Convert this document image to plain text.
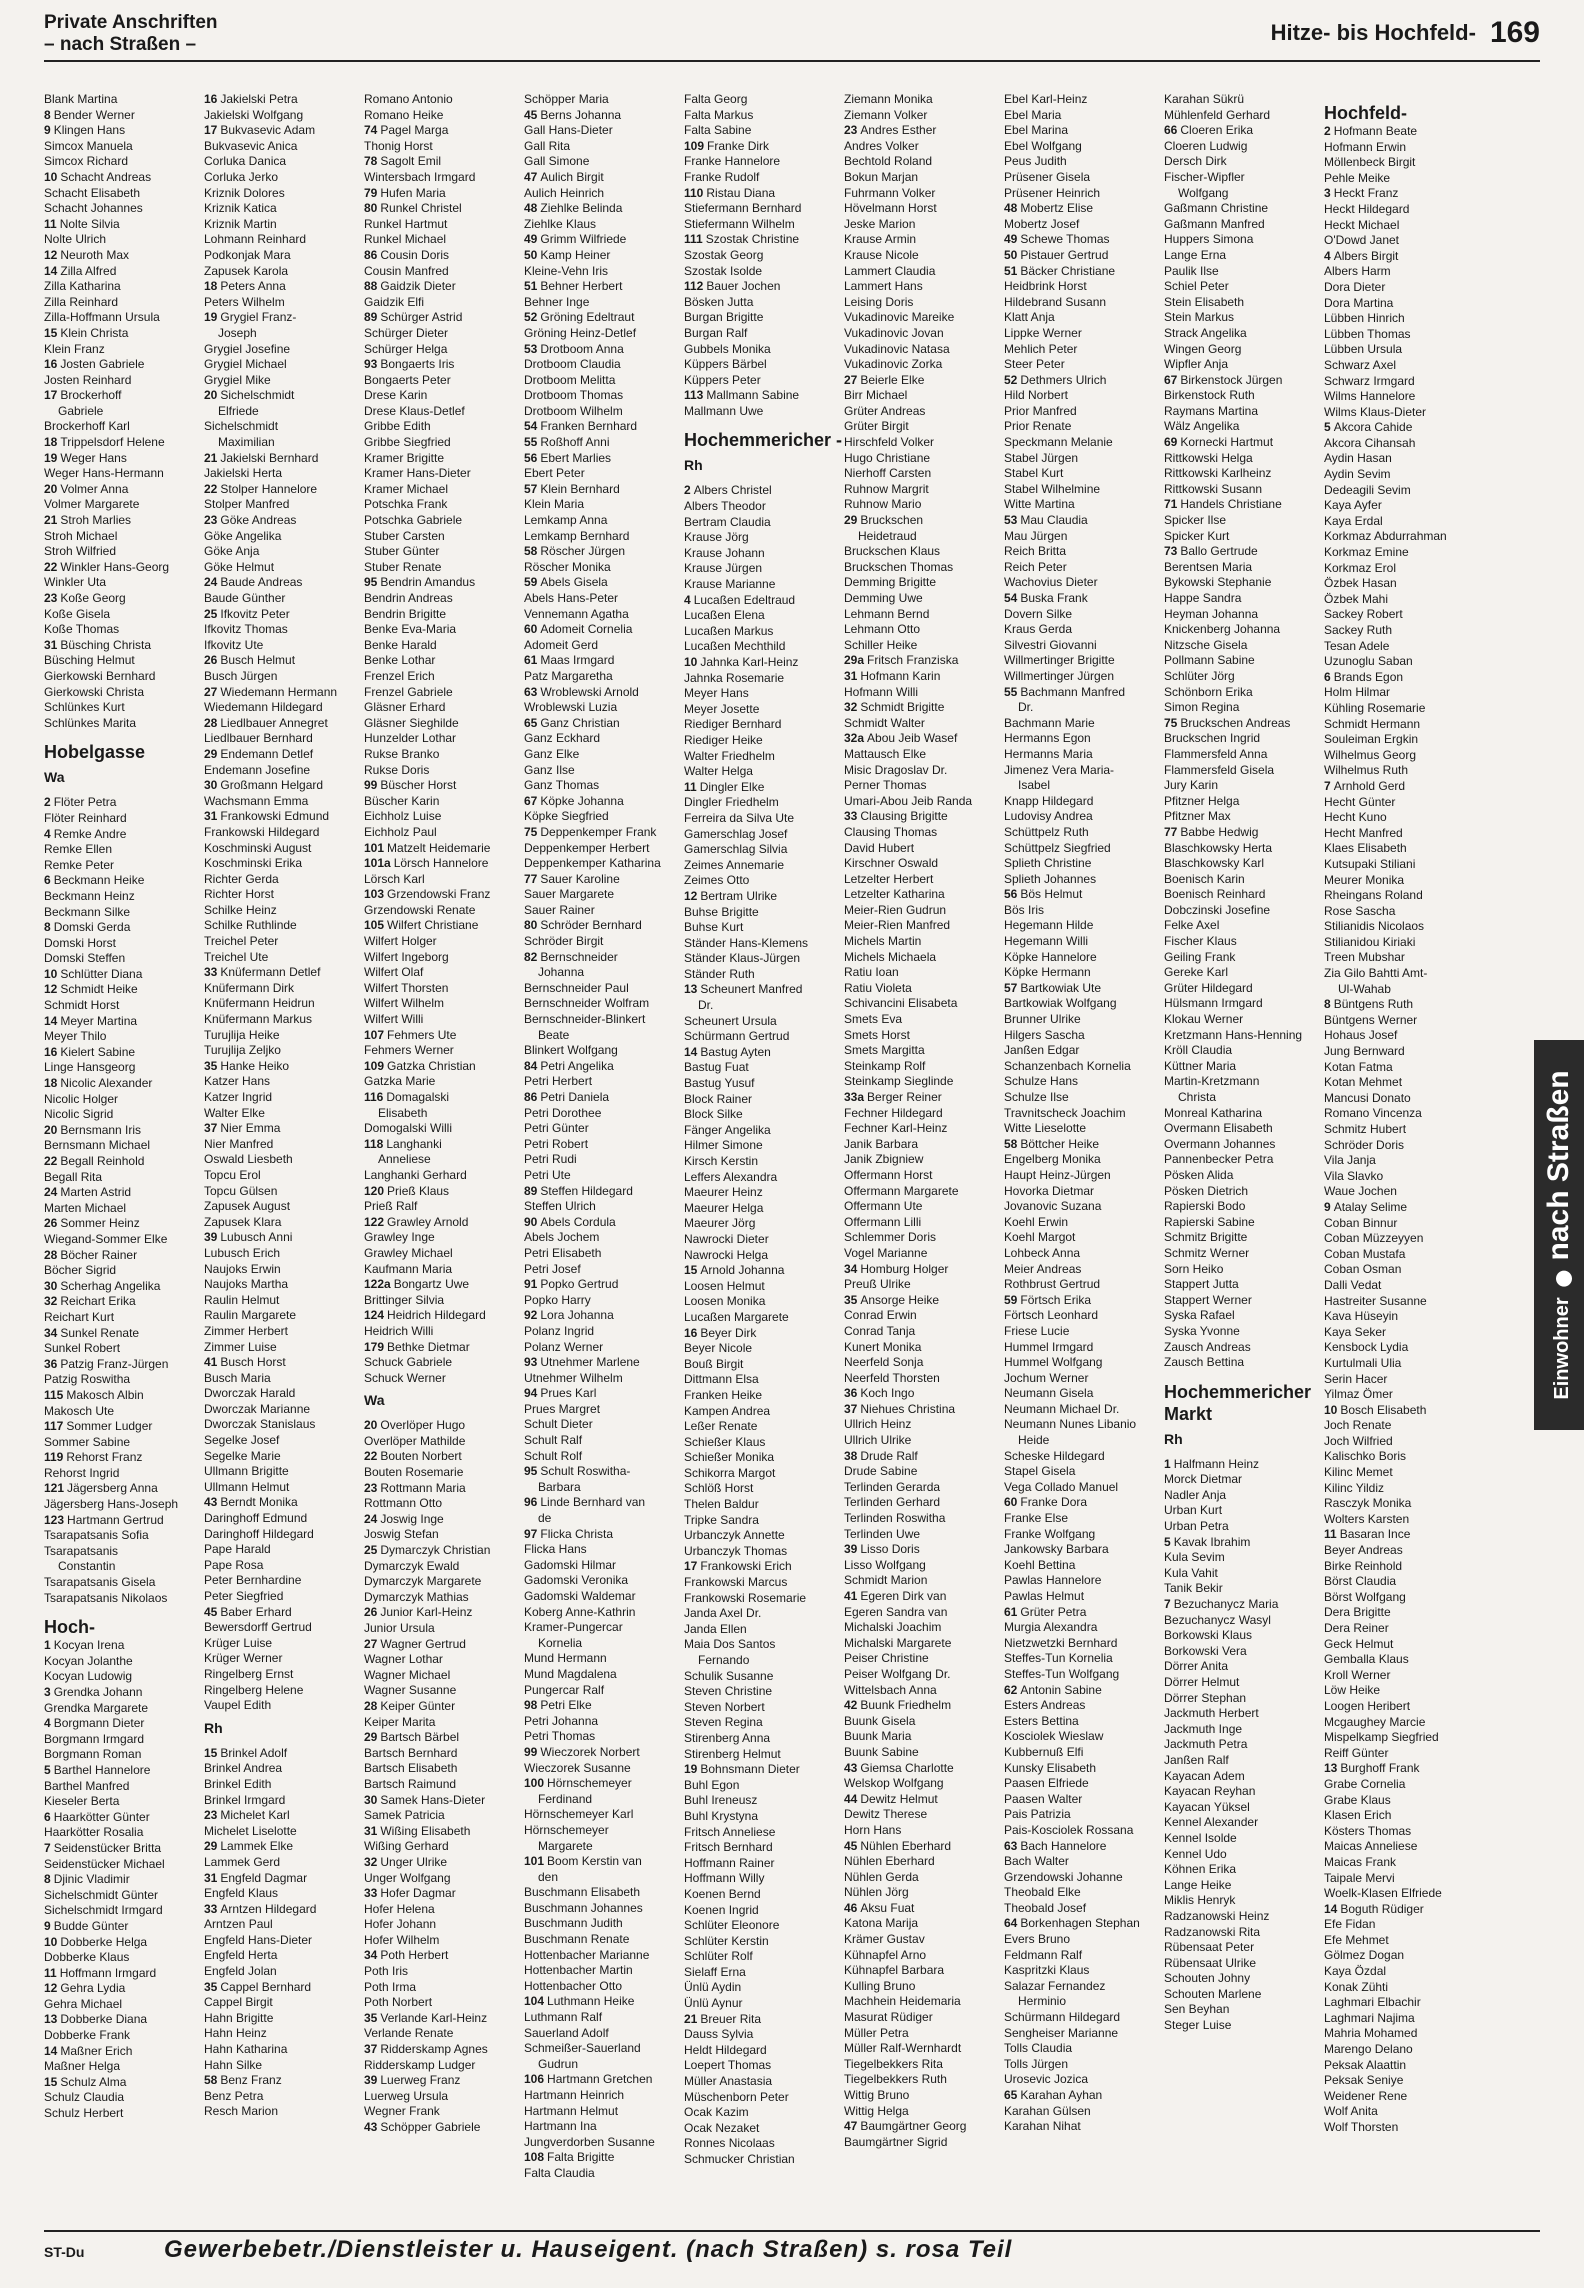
Private Anschriften
– nach Straßen –	Hitze- bis Hochfeld- 169
Blank Martina
8 Bender Werner
9 Klingen Hans
Simcox Manuela
Simcox Richard
10 Schacht Andreas
Schacht Elisabeth
Schacht Johannes
11 Nolte Silvia
Nolte Ulrich
12 Neuroth Max
14 Zilla Alfred
Zilla Katharina
Zilla Reinhard
Zilla-Hoffmann Ursula
15 Klein Christa
Klein Franz
16 Josten Gabriele
Josten Reinhard
17 Brockerhoff
Gabriele
Brockerhoff Karl
18 Trippelsdorf Helene
19 Weger Hans
Weger Hans-Hermann
20 Volmer Anna
Volmer Margarete
21 Stroh Marlies
Stroh Michael
Stroh Wilfried
22 Winkler Hans-Georg
Winkler Uta
23 Koße Georg
Koße Gisela
Koße Thomas
31 Büsching Christa
Büsching Helmut
Gierkowski Bernhard
Gierkowski Christa
Schlünkes Kurt
Schlünkes Marita
Hobelgasse
Wa
2 Flöter Petra
Flöter Reinhard
4 Remke Andre
Remke Ellen
Remke Peter
6 Beckmann Heike
Beckmann Heinz
Beckmann Silke
8 Domski Gerda
Domski Horst
Domski Steffen
10 Schlütter Diana
12 Schmidt Heike
Schmidt Horst
14 Meyer Martina
Meyer Thilo
16 Kielert Sabine
Linge Hansgeorg
18 Nicolic Alexander
Nicolic Holger
Nicolic Sigrid
20 Bernsmann Iris
Bernsmann Michael
22 Begall Reinhold
Begall Rita
24 Marten Astrid
Marten Michael
26 Sommer Heinz
Wiegand-Sommer Elke
28 Böcher Rainer
Böcher Sigrid
30 Scherhag Angelika
32 Reichart Erika
Reichart Kurt
34 Sunkel Renate
Sunkel Robert
36 Patzig Franz-Jürgen
Patzig Roswitha
115 Makosch Albin
Makosch Ute
117 Sommer Ludger
Sommer Sabine
119 Rehorst Franz
Rehorst Ingrid
121 Jägersberg Anna
Jägersberg Hans-Joseph
123 Hartmann Gertrud
Tsarapatsanis Sofia
Tsarapatsanis
Constantin
Tsarapatsanis Gisela
Tsarapatsanis Nikolaos
Hoch-
1 Kocyan Irena
Kocyan Jolanthe
Kocyan Ludowig
3 Grendka Johann
Grendka Margarete
4 Borgmann Dieter
Borgmann Irmgard
Borgmann Roman
5 Barthel Hannelore
Barthel Manfred
Kieseler Berta
6 Haarkötter Günter
Haarkötter Rosalia
7 Seidenstücker Britta
Seidenstücker Michael
8 Djinic Vladimir
Sichelschmidt Günter
Sichelschmidt Irmgard
9 Budde Günter
10 Dobberke Helga
Dobberke Klaus
11 Hoffmann Irmgard
12 Gehra Lydia
Gehra Michael
13 Dobberke Diana
Dobberke Frank
14 Maßner Erich
Maßner Helga
15 Schulz Alma
Schulz Claudia
Schulz Herbert
16 Jakielski Petra
Jakielski Wolfgang
17 Bukvasevic Adam
Bukvasevic Anica
Corluka Danica
Corluka Jerko
Kriznik Dolores
Kriznik Katica
Kriznik Martin
Lohmann Reinhard
Podkonjak Mara
Zapusek Karola
18 Peters Anna
Peters Wilhelm
19 Grygiel Franz-
Joseph
Grygiel Josefine
Grygiel Michael
Grygiel Mike
20 Sichelschmidt
Elfriede
Sichelschmidt
Maximilian
21 Jakielski Bernhard
Jakielski Herta
22 Stolper Hannelore
Stolper Manfred
23 Göke Andreas
Göke Angelika
Göke Anja
Göke Helmut
24 Baude Andreas
Baude Günther
25 Ifkovitz Peter
Ifkovitz Thomas
Ifkovitz Ute
26 Busch Helmut
Busch Jürgen
27 Wiedemann Hermann
Wiedemann Hildegard
28 Liedlbauer Annegret
Liedlbauer Bernhard
29 Endemann Detlef
Endemann Josefine
30 Großmann Helgard
Wachsmann Emma
31 Frankowski Edmund
Frankowski Hildegard
Koschminski August
Koschminski Erika
Richter Gerda
Richter Horst
Schilke Heinz
Schilke Ruthlinde
Treichel Peter
Treichel Ute
33 Knüfermann Detlef
Knüfermann Dirk
Knüfermann Heidrun
Knüfermann Markus
Turujlija Heike
Turujlija Zeljko
35 Hanke Heiko
Katzer Hans
Katzer Ingrid
Walter Elke
37 Nier Emma
Nier Manfred
Oswald Liesbeth
Topcu Erol
Topcu Gülsen
Zapusek August
Zapusek Klara
39 Lubusch Anni
Lubusch Erich
Naujoks Erwin
Naujoks Martha
Raulin Helmut
Raulin Margarete
Zimmer Herbert
Zimmer Luise
41 Busch Horst
Busch Maria
Dworczak Harald
Dworczak Marianne
Dworczak Stanislaus
Segelke Josef
Segelke Marie
Ullmann Brigitte
Ullmann Helmut
43 Berndt Monika
Daringhoff Edmund
Daringhoff Hildegard
Pape Harald
Pape Rosa
Peter Bernhardine
Peter Siegfried
45 Baber Erhard
Bewersdorff Gertrud
Krüger Luise
Krüger Werner
Ringelberg Ernst
Ringelberg Helene
Vaupel Edith
Rh
15 Brinkel Adolf
Brinkel Andrea
Brinkel Edith
Brinkel Irmgard
23 Michelet Karl
Michelet Liselotte
29 Lammek Elke
Lammek Gerd
31 Engfeld Dagmar
Engfeld Klaus
33 Arntzen Hildegard
Arntzen Paul
Engfeld Hans-Dieter
Engfeld Herta
Engfeld Jolan
35 Cappel Bernhard
Cappel Birgit
Hahn Brigitte
Hahn Heinz
Hahn Katharina
Hahn Silke
58 Benz Franz
Benz Petra
Resch Marion
Romano Antonio
Romano Heike
74 Pagel Marga
Thonig Horst
78 Sagolt Emil
Wintersbach Irmgard
79 Hufen Maria
80 Runkel Christel
Runkel Hartmut
Runkel Michael
86 Cousin Doris
Cousin Manfred
88 Gaidzik Dieter
Gaidzik Elfi
89 Schürger Astrid
Schürger Dieter
Schürger Helga
93 Bongaerts Iris
Bongaerts Peter
Drese Karin
Drese Klaus-Detlef
Gribbe Edith
Gribbe Siegfried
Kramer Brigitte
Kramer Hans-Dieter
Kramer Michael
Potschka Frank
Potschka Gabriele
Stuber Carsten
Stuber Günter
Stuber Renate
95 Bendrin Amandus
Bendrin Andreas
Bendrin Brigitte
Benke Eva-Maria
Benke Harald
Benke Lothar
Frenzel Erich
Frenzel Gabriele
Gläsner Erhard
Gläsner Sieghilde
Hunzelder Lothar
Rukse Branko
Rukse Doris
99 Büscher Horst
Büscher Karin
Eichholz Luise
Eichholz Paul
101 Matzelt Heidemarie
101a Lörsch Hannelore
Lörsch Karl
103 Grzendowski Franz
Grzendowski Renate
105 Wilfert Christiane
Wilfert Holger
Wilfert Ingeborg
Wilfert Olaf
Wilfert Thorsten
Wilfert Wilhelm
Wilfert Willi
107 Fehmers Ute
Fehmers Werner
109 Gatzka Christian
Gatzka Marie
116 Domagalski
Elisabeth
Domogalski Willi
118 Langhanki
Anneliese
Langhanki Gerhard
120 Prieß Klaus
Prieß Ralf
122 Grawley Arnold
Grawley Inge
Grawley Michael
Kaufmann Maria
122a Bongartz Uwe
Brittinger Silvia
124 Heidrich Hildegard
Heidrich Willi
179 Bethke Dietmar
Schuck Gabriele
Schuck Werner
Wa
20 Overlöper Hugo
Overlöper Mathilde
22 Bouten Norbert
Bouten Rosemarie
23 Rottmann Maria
Rottmann Otto
24 Joswig Inge
Joswig Stefan
25 Dymarczyk Christian
Dymarczyk Ewald
Dymarczyk Margarete
Dymarczyk Mathias
26 Junior Karl-Heinz
Junior Ursula
27 Wagner Gertrud
Wagner Lothar
Wagner Michael
Wagner Susanne
28 Keiper Günter
Keiper Marita
29 Bartsch Bärbel
Bartsch Bernhard
Bartsch Elisabeth
Bartsch Raimund
30 Samek Hans-Dieter
Samek Patricia
31 Wißing Elisabeth
Wißing Gerhard
32 Unger Ulrike
Unger Wolfgang
33 Hofer Dagmar
Hofer Helena
Hofer Johann
Hofer Wilhelm
34 Poth Herbert
Poth Iris
Poth Irma
Poth Norbert
35 Verlande Karl-Heinz
Verlande Renate
37 Ridderskamp Agnes
Ridderskamp Ludger
39 Luerweg Franz
Luerweg Ursula
Wegner Frank
43 Schöpper Gabriele
Schöpper Maria
45 Berns Johanna
Gall Hans-Dieter
Gall Rita
Gall Simone
47 Aulich Birgit
Aulich Heinrich
48 Ziehlke Belinda
Ziehlke Klaus
49 Grimm Wilfriede
50 Kamp Heiner
Kleine-Vehn Iris
51 Behner Herbert
Behner Inge
52 Gröning Edeltraut
Gröning Heinz-Detlef
53 Drotboom Anna
Drotboom Claudia
Drotboom Melitta
Drotboom Thomas
Drotboom Wilhelm
54 Franken Bernhard
55 Roßhoff Anni
56 Ebert Marlies
Ebert Peter
57 Klein Bernhard
Klein Maria
Lemkamp Anna
Lemkamp Bernhard
58 Röscher Jürgen
Röscher Monika
59 Abels Gisela
Abels Hans-Peter
Vennemann Agatha
60 Adomeit Cornelia
Adomeit Gerd
61 Maas Irmgard
Patz Margaretha
63 Wroblewski Arnold
Wroblewski Luzia
65 Ganz Christian
Ganz Eckhard
Ganz Elke
Ganz Ilse
Ganz Thomas
67 Köpke Johanna
Köpke Siegfried
75 Deppenkemper Frank
Deppenkemper Herbert
Deppenkemper Katharina
77 Sauer Karoline
Sauer Margarete
Sauer Rainer
80 Schröder Bernhard
Schröder Birgit
82 Bernschneider
Johanna
Bernschneider Paul
Bernschneider Wolfram
Bernschneider-Blinkert
Beate
Blinkert Wolfgang
84 Petri Angelika
Petri Herbert
86 Petri Daniela
Petri Dorothee
Petri Günter
Petri Robert
Petri Rudi
Petri Ute
89 Steffen Hildegard
Steffen Ulrich
90 Abels Cordula
Abels Jochem
Petri Elisabeth
Petri Josef
91 Popko Gertrud
Popko Harry
92 Lora Johanna
Polanz Ingrid
Polanz Werner
93 Utnehmer Marlene
Utnehmer Wilhelm
94 Prues Karl
Prues Margret
Schult Dieter
Schult Ralf
Schult Rolf
95 Schult Roswitha-
Barbara
96 Linde Bernhard van
de
97 Flicka Christa
Flicka Hans
Gadomski Hilmar
Gadomski Veronika
Gadomski Waldemar
Koberg Anne-Kathrin
Kramer-Pungercar
Kornelia
Mund Hermann
Mund Magdalena
Pungercar Ralf
98 Petri Elke
Petri Johanna
Petri Thomas
99 Wieczorek Norbert
Wieczorek Susanne
100 Hörnschemeyer
Ferdinand
Hörnschemeyer Karl
Hörnschemeyer
Margarete
101 Boom Kerstin van
den
Buschmann Elisabeth
Buschmann Johannes
Buschmann Judith
Buschmann Renate
Hottenbacher Marianne
Hottenbacher Martin
Hottenbacher Otto
104 Luthmann Heike
Luthmann Ralf
Sauerland Adolf
Schmeißer-Sauerland
Gudrun
106 Hartmann Gretchen
Hartmann Heinrich
Hartmann Helmut
Hartmann Ina
Jungverdorben Susanne
108 Falta Brigitte
Falta Claudia
Falta Georg
Falta Markus
Falta Sabine
109 Franke Dirk
Franke Hannelore
Franke Rudolf
110 Ristau Diana
Stiefermann Bernhard
Stiefermann Wilhelm
111 Szostak Christine
Szostak Georg
Szostak Isolde
112 Bauer Jochen
Bösken Jutta
Burgan Brigitte
Burgan Ralf
Gubbels Monika
Küppers Bärbel
Küppers Peter
113 Mallmann Sabine
Mallmann Uwe
Hochemmericher -
Rh
2 Albers Christel
Albers Theodor
Bertram Claudia
Krause Jörg
Krause Johann
Krause Jürgen
Krause Marianne
4 Lucaßen Edeltraud
Lucaßen Elena
Lucaßen Markus
Lucaßen Mechthild
10 Jahnka Karl-Heinz
Jahnka Rosemarie
Meyer Hans
Meyer Josette
Riediger Bernhard
Riediger Heike
Walter Friedhelm
Walter Helga
11 Dingler Elke
Dingler Friedhelm
Ferreira da Silva Ute
Gamerschlag Josef
Gamerschlag Silvia
Zeimes Annemarie
Zeimes Otto
12 Bertram Ulrike
Buhse Brigitte
Buhse Kurt
Ständer Hans-Klemens
Ständer Klaus-Jürgen
Ständer Ruth
13 Scheunert Manfred
Dr.
Scheunert Ursula
Schürmann Gertrud
14 Bastug Ayten
Bastug Fuat
Bastug Yusuf
Block Rainer
Block Silke
Fänger Angelika
Hilmer Simone
Kirsch Kerstin
Leffers Alexandra
Maeurer Heinz
Maeurer Helga
Maeurer Jörg
Nawrocki Dieter
Nawrocki Helga
15 Arnold Johanna
Loosen Helmut
Loosen Monika
Lucaßen Margarete
16 Beyer Dirk
Beyer Nicole
Bouß Birgit
Dittmann Elsa
Franken Heike
Kampen Andrea
Leßer Renate
Schießer Klaus
Schießer Monika
Schikorra Margot
Schlöß Horst
Thelen Baldur
Tripke Sandra
Urbanczyk Annette
Urbanczyk Thomas
17 Frankowski Erich
Frankowski Marcus
Frankowski Rosemarie
Janda Axel Dr.
Janda Ellen
Maia Dos Santos
Fernando
Schulik Susanne
Steven Christine
Steven Norbert
Steven Regina
Stirenberg Anna
Stirenberg Helmut
19 Bohnsmann Dieter
Buhl Egon
Buhl Ireneusz
Buhl Krystyna
Fritsch Anneliese
Fritsch Bernhard
Hoffmann Rainer
Hoffmann Willy
Koenen Bernd
Koenen Ingrid
Schlüter Eleonore
Schlüter Kerstin
Schlüter Rolf
Sielaff Erna
Ünlü Aydin
Ünlü Aynur
21 Breuer Rita
Dauss Sylvia
Heldt Hildegard
Loepert Thomas
Müller Anastasia
Müschenborn Peter
Ocak Kazim
Ocak Nezaket
Ronnes Nicolaas
Schmucker Christian
Ziemann Monika
Ziemann Volker
23 Andres Esther
Andres Volker
Bechtold Roland
Bokun Marjan
Fuhrmann Volker
Hövelmann Horst
Jeske Marion
Krause Armin
Krause Nicole
Lammert Claudia
Lammert Hans
Leising Doris
Vukadinovic Mareike
Vukadinovic Jovan
Vukadinovic Natasa
Vukadinovic Zorka
27 Beierle Elke
Birr Michael
Grüter Andreas
Grüter Birgit
Hirschfeld Volker
Hugo Christiane
Nierhoff Carsten
Ruhnow Margrit
Ruhnow Mario
29 Bruckschen
Heidetraud
Bruckschen Klaus
Bruckschen Thomas
Demming Brigitte
Demming Uwe
Lehmann Bernd
Lehmann Otto
Schiller Heike
29a Fritsch Franziska
31 Hofmann Karin
Hofmann Willi
32 Schmidt Brigitte
Schmidt Walter
32a Abou Jeib Wasef
Mattausch Elke
Misic Dragoslav Dr.
Perner Thomas
Umari-Abou Jeib Randa
33 Clausing Brigitte
Clausing Thomas
David Hubert
Kirschner Oswald
Letzelter Herbert
Letzelter Katharina
Meier-Rien Gudrun
Meier-Rien Manfred
Michels Martin
Michels Michaela
Ratiu Ioan
Ratiu Violeta
Schivancini Elisabeta
Smets Eva
Smets Horst
Smets Margitta
Steinkamp Rolf
Steinkamp Sieglinde
33a Berger Reiner
Fechner Hildegard
Fechner Karl-Heinz
Janik Barbara
Janik Zbigniew
Offermann Horst
Offermann Margarete
Offermann Ute
Offermann Lilli
Schlemmer Doris
Vogel Marianne
34 Homburg Holger
Preuß Ulrike
35 Ansorge Heike
Conrad Erwin
Conrad Tanja
Kunert Monika
Neerfeld Sonja
Neerfeld Thorsten
36 Koch Ingo
37 Niehues Christina
Ullrich Heinz
Ullrich Ulrike
38 Drude Ralf
Drude Sabine
Terlinden Gerarda
Terlinden Gerhard
Terlinden Roswitha
Terlinden Uwe
39 Lisso Doris
Lisso Wolfgang
Schmidt Marion
41 Egeren Dirk van
Egeren Sandra van
Michalski Joachim
Michalski Margarete
Peiser Christine
Peiser Wolfgang Dr.
Wittelsbach Anna
42 Buunk Friedhelm
Buunk Gisela
Buunk Maria
Buunk Sabine
43 Giemsa Charlotte
Welskop Wolfgang
44 Dewitz Helmut
Dewitz Therese
Horn Hans
45 Nühlen Eberhard
Nühlen Eberhard
Nühlen Gerda
Nühlen Jörg
46 Aksu Fuat
Katona Marija
Krämer Gustav
Kühnapfel Arno
Kühnapfel Barbara
Kulling Bruno
Machhein Heidemaria
Masurat Rüdiger
Müller Petra
Müller Ralf-Wernhardt
Tiegelbekkers Rita
Tiegelbekkers Ruth
Wittig Bruno
Wittig Helga
47 Baumgärtner Georg
Baumgärtner Sigrid
Ebel Karl-Heinz
Ebel Maria
Ebel Marina
Ebel Wolfgang
Peus Judith
Prüsener Gisela
Prüsener Heinrich
48 Mobertz Elise
Mobertz Josef
49 Schewe Thomas
50 Pistauer Gertrud
51 Bäcker Christiane
Heidbrink Horst
Hildebrand Susann
Klatt Anja
Lippke Werner
Mehlich Peter
Steer Peter
52 Dethmers Ulrich
Hild Norbert
Prior Manfred
Prior Renate
Speckmann Melanie
Stabel Jürgen
Stabel Kurt
Stabel Wilhelmine
Witte Martina
53 Mau Claudia
Mau Jürgen
Reich Britta
Reich Peter
Wachovius Dieter
54 Buska Frank
Dovern Silke
Kraus Gerda
Silvestri Giovanni
Willmertinger Brigitte
Willmertinger Jürgen
55 Bachmann Manfred
Dr.
Bachmann Marie
Hermanns Egon
Hermanns Maria
Jimenez Vera Maria-
Isabel
Knapp Hildegard
Ludovisy Andrea
Schüttpelz Ruth
Schüttpelz Siegfried
Splieth Christine
Splieth Johannes
56 Bös Helmut
Bös Iris
Hegemann Hilde
Hegemann Willi
Köpke Hannelore
Köpke Hermann
57 Bartkowiak Ute
Bartkowiak Wolfgang
Brunner Ulrike
Hilgers Sascha
Janßen Edgar
Schanzenbach Kornelia
Schulze Hans
Schulze Ilse
Travnitscheck Joachim
Witte Lieselotte
58 Böttcher Heike
Engelberg Monika
Haupt Heinz-Jürgen
Hovorka Dietmar
Jovanovic Suzana
Koehl Erwin
Koehl Margot
Lohbeck Anna
Meier Andreas
Rothbrust Gertrud
59 Förtsch Erika
Förtsch Leonhard
Friese Lucie
Hummel Irmgard
Hummel Wolfgang
Jochum Werner
Neumann Gisela
Neumann Michael Dr.
Neumann Nunes Libanio
Heide
Scheske Hildegard
Stapel Gisela
Vega Collado Manuel
60 Franke Dora
Franke Else
Franke Wolfgang
Jankowsky Barbara
Koehl Bettina
Pawlas Hannelore
Pawlas Helmut
61 Grüter Petra
Murgia Alexandra
Nietzwetzki Bernhard
Steffes-Tun Kornelia
Steffes-Tun Wolfgang
62 Antonin Sabine
Esters Andreas
Esters Bettina
Kosciolek Wieslaw
Kubbernuß Elfi
Kunsky Elisabeth
Paasen Elfriede
Paasen Walter
Pais Patrizia
Pais-Kosciolek Rossana
63 Bach Hannelore
Bach Walter
Grzendowski Johanne
Theobald Elke
Theobald Josef
64 Borkenhagen Stephan
Evers Bruno
Feldmann Ralf
Kaspritzki Klaus
Salazar Fernandez
Herminio
Schürmann Hildegard
Sengheiser Marianne
Tolls Claudia
Tolls Jürgen
Urosevic Jozica
65 Karahan Ayhan
Karahan Gülsen
Karahan Nihat
Karahan Sükrü
Mühlenfeld Gerhard
66 Cloeren Erika
Cloeren Ludwig
Dersch Dirk
Fischer-Wipfler
Wolfgang
Gaßmann Christine
Gaßmann Manfred
Huppers Simona
Lange Erna
Paulik Ilse
Schiel Peter
Stein Elisabeth
Stein Markus
Strack Angelika
Wingen Georg
Wipfler Anja
67 Birkenstock Jürgen
Birkenstock Ruth
Raymans Martina
Wälz Angelika
69 Kornecki Hartmut
Rittkowski Helga
Rittkowski Karlheinz
Rittkowski Susann
71 Handels Christiane
Spicker Ilse
Spicker Kurt
73 Ballo Gertrude
Berentsen Maria
Bykowski Stephanie
Happe Sandra
Heyman Johanna
Knickenberg Johanna
Nitzsche Gisela
Pollmann Sabine
Schlüter Jörg
Schönborn Erika
Simon Regina
75 Bruckschen Andreas
Bruckschen Ingrid
Flammersfeld Anna
Flammersfeld Gisela
Jury Karin
Pfitzner Helga
Pfitzner Max
77 Babbe Hedwig
Blaschkowsky Herta
Blaschkowsky Karl
Boenisch Karin
Boenisch Reinhard
Dobczinski Josefine
Felke Axel
Fischer Klaus
Geiling Frank
Gereke Karl
Grüter Hildegard
Hülsmann Irmgard
Klokau Werner
Kretzmann Hans-Henning
Kröll Claudia
Küttner Maria
Martin-Kretzmann
Christa
Monreal Katharina
Overmann Elisabeth
Overmann Johannes
Pannenbecker Petra
Pösken Alida
Pösken Dietrich
Rapierski Bodo
Rapierski Sabine
Schmitz Brigitte
Schmitz Werner
Sorn Heiko
Stappert Jutta
Stappert Werner
Syska Rafael
Syska Yvonne
Zausch Andreas
Zausch Bettina
Hochemmericher Markt
Rh
1 Halfmann Heinz
Morck Dietmar
Nadler Anja
Urban Kurt
Urban Petra
5 Kavak Ibrahim
Kula Sevim
Kula Vahit
Tanik Bekir
7 Bezuchanycz Maria
Bezuchanycz Wasyl
Borkowski Klaus
Borkowski Vera
Dörrer Anita
Dörrer Helmut
Dörrer Stephan
Jackmuth Herbert
Jackmuth Inge
Jackmuth Petra
Janßen Ralf
Kayacan Adem
Kayacan Reyhan
Kayacan Yüksel
Kennel Alexander
Kennel Isolde
Kennel Udo
Köhnen Erika
Lange Heike
Miklis Henryk
Radzanowski Heinz
Radzanowski Rita
Rübensaat Peter
Rübensaat Ulrike
Schouten Johny
Schouten Marlene
Sen Beyhan
Steger Luise
Hochfeld-
2 Hofmann Beate
Hofmann Erwin
Möllenbeck Birgit
Pehle Meike
3 Heckt Franz
Heckt Hildegard
Heckt Michael
O'Dowd Janet
4 Albers Birgit
Albers Harm
Dora Dieter
Dora Martina
Lübben Hinrich
Lübben Thomas
Lübben Ursula
Schwarz Axel
Schwarz Irmgard
Wilms Hannelore
Wilms Klaus-Dieter
5 Akcora Cahide
Akcora Cihansah
Aydin Hasan
Aydin Sevim
Dedeagili Sevim
Kaya Ayfer
Kaya Erdal
Korkmaz Abdurrahman
Korkmaz Emine
Korkmaz Erol
Özbek Hasan
Özbek Mahi
Sackey Robert
Sackey Ruth
Tesan Adele
Uzunoglu Saban
6 Brands Egon
Holm Hilmar
Kühling Rosemarie
Schmidt Hermann
Souleiman Ergkin
Wilhelmus Georg
Wilhelmus Ruth
7 Arnhold Gerd
Hecht Günter
Hecht Kuno
Hecht Manfred
Klaes Elisabeth
Kutsupaki Stiliani
Meurer Monika
Rheingans Roland
Rose Sascha
Stilianidis Nicolaos
Stilianidou Kiriaki
Treen Mubshar
Zia Gilo Bahtti Amt-
Ul-Wahab
8 Büntgens Ruth
Büntgens Werner
Hohaus Josef
Jung Bernward
Kotan Fatma
Kotan Mehmet
Mancusi Donato
Romano Vincenza
Schmitz Hubert
Schröder Doris
Vila Janja
Vila Slavko
Waue Jochen
9 Atalay Selime
Coban Binnur
Coban Müzzeyyen
Coban Mustafa
Coban Osman
Dalli Vedat
Hastreiter Susanne
Kava Hüseyin
Kaya Seker
Kensbock Lydia
Kurtulmali Ulia
Serin Hacer
Yilmaz Ömer
10 Bosch Elisabeth
Joch Renate
Joch Wilfried
Kalischko Boris
Kilinc Memet
Kilinc Yildiz
Rasczyk Monika
Wolters Karsten
11 Basaran Ince
Beyer Andreas
Birke Reinhold
Börst Claudia
Börst Wolfgang
Dera Brigitte
Dera Reiner
Geck Helmut
Gemballa Klaus
Kroll Werner
Löw Heike
Loogen Heribert
Mcgaughey Marcie
Mispelkamp Siegfried
Reiff Günter
13 Burghoff Frank
Grabe Cornelia
Grabe Klaus
Klasen Erich
Kösters Thomas
Maicas Anneliese
Maicas Frank
Taipale Mervi
Woelk-Klasen Elfriede
14 Boguth Rüdiger
Efe Fidan
Efe Mehmet
Gölmez Dogan
Kaya Özdal
Konak Zühti
Laghmari Elbachir
Laghmari Najima
Mahria Mohamed
Marengo Delano
Peksak Alaattin
Peksak Seniye
Weidener Rene
Wolf Anita
Wolf Thorsten
Einwohner  nach Straßen
ST-Du	Gewerbebetr./Dienstleister u. Hauseigent. (nach Straßen) s. rosa Teil
